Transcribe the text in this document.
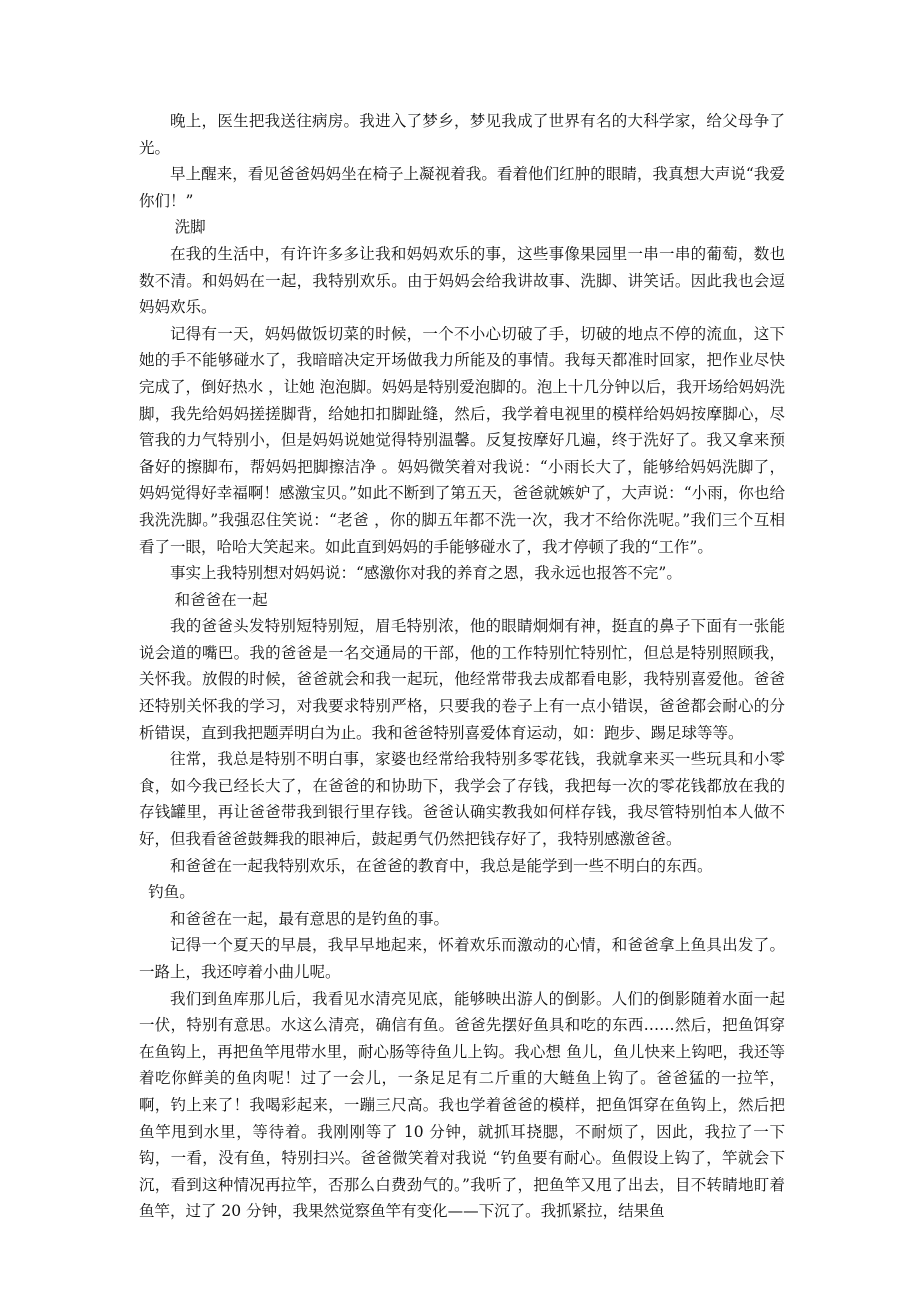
晚上，医生把我送往病房。我进入了梦乡，梦见我成了世界有名的大科学家，给父母争了光。

早上醒来，看见爸爸妈妈坐在椅子上凝视着我。看着他们红肿的眼睛，我真想大声说“我爱你们！”

洗脚

在我的生活中，有许许多多让我和妈妈欢乐的事，这些事像果园里一串一串的葡萄，数也数不清。和妈妈在一起，我特别欢乐。由于妈妈会给我讲故事、洗脚、讲笑话。因此我也会逗妈妈欢乐。

记得有一天，妈妈做饭切菜的时候，一个不小心切破了手，切破的地点不停的流血，这下她的手不能够碰水了，我暗暗决定开场做我力所能及的事情。我每天都准时回家，把作业尽快完成了，倒好热水 ，让她 泡泡脚。妈妈是特别爱泡脚的。泡上十几分钟以后，我开场给妈妈洗脚，我先给妈妈搓搓脚背，给她扣扣脚趾缝，然后，我学着电视里的模样给妈妈按摩脚心，尽管我的力气特别小，但是妈妈说她觉得特别温馨。反复按摩好几遍，终于洗好了。我又拿来预备好的擦脚布，帮妈妈把脚擦洁净 。妈妈微笑着对我说：“小雨长大了，能够给妈妈洗脚了，妈妈觉得好幸福啊！感激宝贝。”如此不断到了第五天，爸爸就嫉妒了，大声说：“小雨，你也给我洗洗脚。”我强忍住笑说：“老爸 ，你的脚五年都不洗一次，我才不给你洗呢。”我们三个互相看了一眼，哈哈大笑起来。如此直到妈妈的手能够碰水了，我才停顿了我的“工作”。

事实上我特别想对妈妈说：“感激你对我的养育之恩，我永远也报答不完”。

和爸爸在一起

我的爸爸头发特别短特别短，眉毛特别浓，他的眼睛炯炯有神，挺直的鼻子下面有一张能说会道的嘴巴。我的爸爸是一名交通局的干部，他的工作特别忙特别忙，但总是特别照顾我，关怀我。放假的时候，爸爸就会和我一起玩，他经常带我去成都看电影，我特别喜爱他。爸爸还特别关怀我的学习，对我要求特别严格，只要我的卷子上有一点小错误，爸爸都会耐心的分析错误，直到我把题弄明白为止。我和爸爸特别喜爱体育运动，如：跑步、踢足球等等。

往常，我总是特别不明白事，家婆也经常给我特别多零花钱，我就拿来买一些玩具和小零食，如今我已经长大了，在爸爸的和协助下，我学会了存钱，我把每一次的零花钱都放在我的存钱罐里，再让爸爸带我到银行里存钱。爸爸认确实教我如何样存钱，我尽管特别怕本人做不好，但我看爸爸鼓舞我的眼神后，鼓起勇气仍然把钱存好了，我特别感激爸爸。

和爸爸在一起我特别欢乐，在爸爸的教育中，我总是能学到一些不明白的东西。

钓鱼。

和爸爸在一起，最有意思的是钓鱼的事。

记得一个夏天的早晨，我早早地起来，怀着欢乐而激动的心情，和爸爸拿上鱼具出发了。一路上，我还哼着小曲儿呢。

我们到鱼库那儿后，我看见水清亮见底，能够映出游人的倒影。人们的倒影随着水面一起一伏，特别有意思。水这么清亮，确信有鱼。爸爸先摆好鱼具和吃的东西……然后，把鱼饵穿在鱼钩上，再把鱼竿甩带水里，耐心肠等待鱼儿上钩。我心想 鱼儿，鱼儿快来上钩吧，我还等着吃你鲜美的鱼肉呢！过了一会儿，一条足足有二斤重的大鲢鱼上钩了。爸爸猛的一拉竿，啊，钓上来了！我喝彩起来，一蹦三尺高。我也学着爸爸的模样，把鱼饵穿在鱼钩上，然后把鱼竿甩到水里，等待着。我刚刚等了 10 分钟，就抓耳挠腮，不耐烦了，因此，我拉了一下钩，一看，没有鱼，特别扫兴。爸爸微笑着对我说 “钓鱼要有耐心。鱼假设上钩了，竿就会下沉，看到这种情况再拉竿，否那么白费劲气的。”我听了，把鱼竿又甩了出去，目不转睛地盯着鱼竿，过了 20 分钟，我果然觉察鱼竿有变化——下沉了。我抓紧拉，结果鱼
